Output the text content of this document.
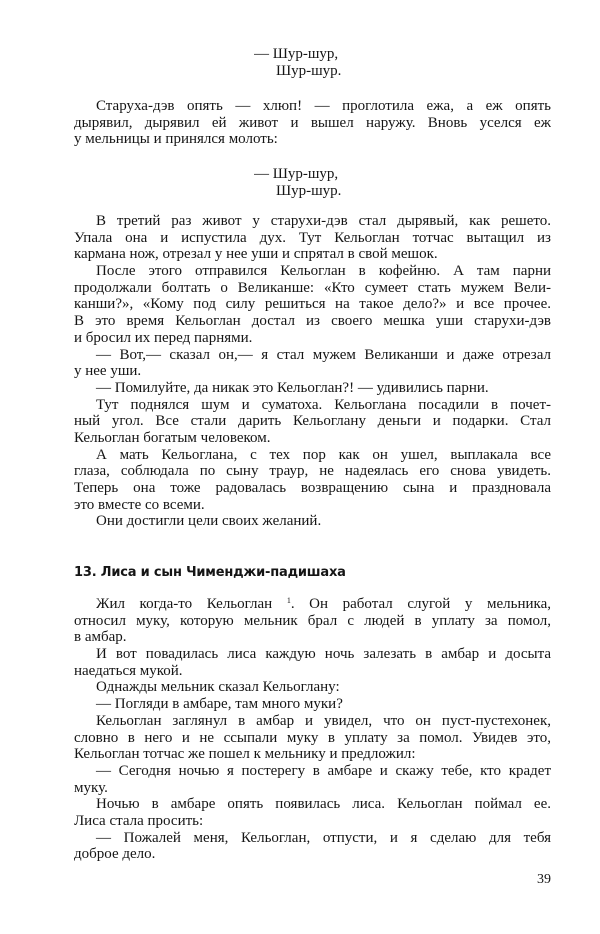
— Шур-шур,
Шур-шур.
Старуха-дэв опять — хлюп! — проглотила ежа, а еж опять
дырявил, дырявил ей живот и вышел наружу. Вновь уселся еж
у мельницы и принялся молоть:
— Шур-шур,
Шур-шур.
В третий раз живот у старухи-дэв стал дырявый, как решето.
Упала она и испустила дух. Тут Кельоглан тотчас вытащил из
кармана нож, отрезал у нее уши и спрятал в свой мешок.
После этого отправился Кельоглан в кофейню. А там парни
продолжали болтать о Великанше: «Кто сумеет стать мужем Вели-
канши?», «Кому под силу решиться на такое дело?» и все прочее.
В это время Кельоглан достал из своего мешка уши старухи-дэв
и бросил их перед парнями.
— Вот,— сказал он,— я стал мужем Великанши и даже отрезал
у нее уши.
— Помилуйте, да никак это Кельоглан?! — удивились парни.
Тут поднялся шум и суматоха. Кельоглана посадили в почет-
ный угол. Все стали дарить Кельоглану деньги и подарки. Стал
Кельоглан богатым человеком.
А мать Кельоглана, с тех пор как он ушел, выплакала все
глаза, соблюдала по сыну траур, не надеялась его снова увидеть.
Теперь она тоже радовалась возвращению сына и праздновала
это вместе со всеми.
Они достигли цели своих желаний.
13. Лиса и сын Чименджи-падишаха
Жил когда-то Кельоглан $^1$. Он работал слугой у мельника,
относил муку, которую мельник брал с людей в уплату за помол,
в амбар.
И вот повадилась лиса каждую ночь залезать в амбар и досыта
наедаться мукой.
Однажды мельник сказал Кельоглану:
— Погляди в амбаре, там много муки?
Кельоглан заглянул в амбар и увидел, что он пуст-пустехонек,
словно в него и не ссыпали муку в уплату за помол. Увидев это,
Кельоглан тотчас же пошел к мельнику и предложил:
— Сегодня ночью я постерегу в амбаре и скажу тебе, кто крадет
муку.
Ночью в амбаре опять появилась лиса. Кельоглан поймал ее.
Лиса стала просить:
— Пожалей меня, Кельоглан, отпусти, и я сделаю для тебя
доброе дело.
39
